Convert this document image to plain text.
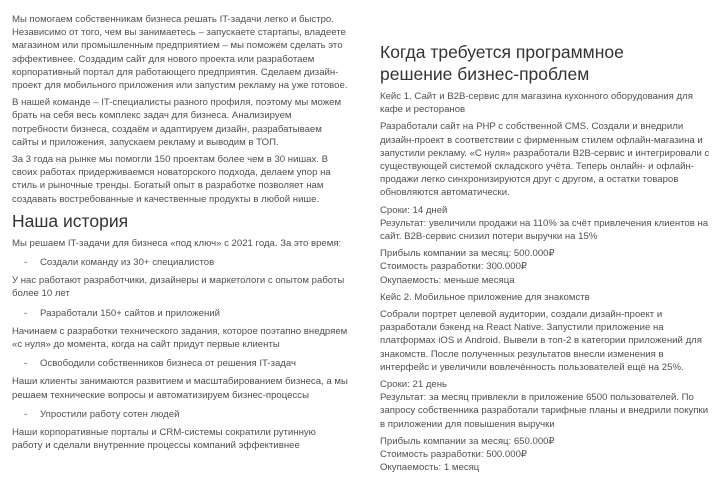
Мы помогаем собственникам бизнеса решать IT-задачи легко и быстро. Независимо от того, чем вы занимаетесь – запускаете стартапы, владеете магазином или промышленным предприятием – мы поможем сделать это эффективнее. Создадим сайт для нового проекта или разработаем корпоративный портал для работающего предприятия. Сделаем дизайн-проект для мобильного приложения или запустим рекламу на уже готовое.

В нашей команде – IT-специалисты разного профиля, поэтому мы можем брать на себя весь комплекс задач для бизнеса. Анализируем потребности бизнеса, создаём и адаптируем дизайн, разрабатываем сайты и приложения, запускаем рекламу и выводим в ТОП.

За 3 года на рынке мы помогли 150 проектам более чем в 30 нишах. В своих работах придерживаемся новаторского подхода, делаем упор на стиль и рыночные тренды. Богатый опыт в разработке позволяет нам создавать востребованные и качественные продукты в любой нише.

Наша история

Мы решаем IT-задачи для бизнеса «под ключ» с 2021 года. За это время:

- Создали команду из 30+ специалистов

У нас работают разработчики, дизайнеры и маркетологи с опытом работы более 10 лет

- Разработали 150+ сайтов и приложений

Начинаем с разработки технического задания, которое поэтапно внедряем «с нуля» до момента, когда на сайт придут первые клиенты

- Освободили собственников бизнеса от решения IT-задач

Наши клиенты занимаются развитием и масштабированием бизнеса, а мы решаем технические вопросы и автоматизируем бизнес-процессы

- Упростили работу сотен людей

Наши корпоративные порталы и CRM-системы сократили рутинную работу и сделали внутренние процессы компаний эффективнее

Когда требуется программное решение бизнес-проблем

Кейс 1. Сайт и B2B-сервис для магазина кухонного оборудования для кафе и ресторанов

Разработали сайт на PHP с собственной CMS. Создали и внедрили дизайн-проект в соответствии с фирменным стилем офлайн-магазина и запустили рекламу. «С нуля» разработали B2B-сервис и интегрировали с существующей системой складского учёта. Теперь онлайн- и офлайн-продажи легко синхронизируются друг с другом, а остатки товаров обновляются автоматически.

Сроки: 14 дней

Результат: увеличили продажи на 110% за счёт привлечения клиентов на сайт. B2B-сервис снизил потери выручки на 15%

Прибыль компании за месяц: 500.000₽

Стоимость разработки: 300.000₽

Окупаемость: меньше месяца

Кейс 2. Мобильное приложение для знакомств

Собрали портрет целевой аудитории, создали дизайн-проект и разработали бэкенд на React Native. Запустили приложение на платформах iOS и Android. Вывели в топ-2 в категории приложений для знакомств. После полученных результатов внесли изменения в интерфейс и увеличили вовлечённость пользователей ещё на 25%.

Сроки: 21 день

Результат: за месяц привлекли в приложение 6500 пользователей. По запросу собственника разработали тарифные планы и внедрили покупки в приложении для повышения выручки

Прибыль компании за месяц: 650.000₽

Стоимость разработки: 500.000₽

Окупаемость: 1 месяц
